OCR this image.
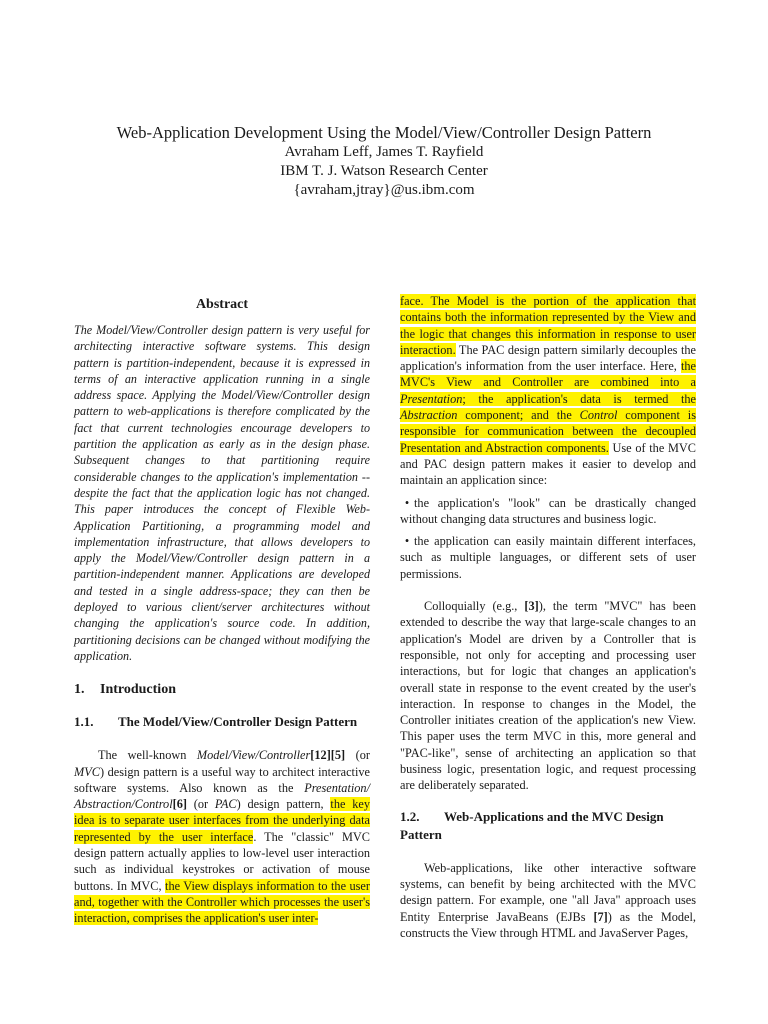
Web-Application Development Using the Model/View/Controller Design Pattern
Avraham Leff, James T. Rayfield
IBM T. J. Watson Research Center
{avraham,jtray}@us.ibm.com
Abstract

The Model/View/Controller design pattern is very useful for architecting interactive software systems. This design pattern is partition-independent, because it is expressed in terms of an interactive application running in a single address space. Applying the Model/View/Controller design pattern to web-applications is therefore complicated by the fact that current technologies encourage developers to partition the application as early as in the design phase. Subsequent changes to that partitioning require considerable changes to the application's implementation -- despite the fact that the application logic has not changed. This paper introduces the concept of Flexible Web-Application Partitioning, a programming model and implementation infrastructure, that allows developers to apply the Model/View/Controller design pattern in a partition-independent manner. Applications are developed and tested in a single address-space; they can then be deployed to various client/server architectures without changing the application's source code. In addition, partitioning decisions can be changed without modifying the application.

1. Introduction
1.1. The Model/View/Controller Design Pattern

The well-known Model/View/Controller[12][5] (or MVC) design pattern is a useful way to architect interactive software systems. Also known as the Presentation/ Abstraction/Control[6] (or PAC) design pattern, the key idea is to separate user interfaces from the underlying data represented by the user interface. The "classic" MVC design pattern actually applies to low-level user interaction such as individual keystrokes or activation of mouse buttons. In MVC, the View displays information to the user and, together with the Controller which processes the user's interaction, comprises the application's user inter-

face. The Model is the portion of the application that contains both the information represented by the View and the logic that changes this information in response to user interaction. The PAC design pattern similarly decouples the application's information from the user interface. Here, the MVC's View and Controller are combined into a Presentation; the application's data is termed the Abstraction component; and the Control component is responsible for communication between the decoupled Presentation and Abstraction components. Use of the MVC and PAC design pattern makes it easier to develop and maintain an application since:

• the application's "look" can be drastically changed without changing data structures and business logic.

• the application can easily maintain different interfaces, such as multiple languages, or different sets of user permissions.

Colloquially (e.g., [3]), the term "MVC" has been extended to describe the way that large-scale changes to an application's Model are driven by a Controller that is responsible, not only for accepting and processing user interactions, but for logic that changes an application's overall state in response to the event created by the user's interaction. In response to changes in the Model, the Controller initiates creation of the application's new View. This paper uses the term MVC in this, more general and "PAC-like", sense of architecting an application so that business logic, presentation logic, and request processing are deliberately separated.

1.2. Web-Applications and the MVC Design Pattern

Web-applications, like other interactive software systems, can benefit by being architected with the MVC design pattern. For example, one "all Java" approach uses Entity Enterprise JavaBeans (EJBs [7]) as the Model, constructs the View through HTML and JavaServer Pages,
